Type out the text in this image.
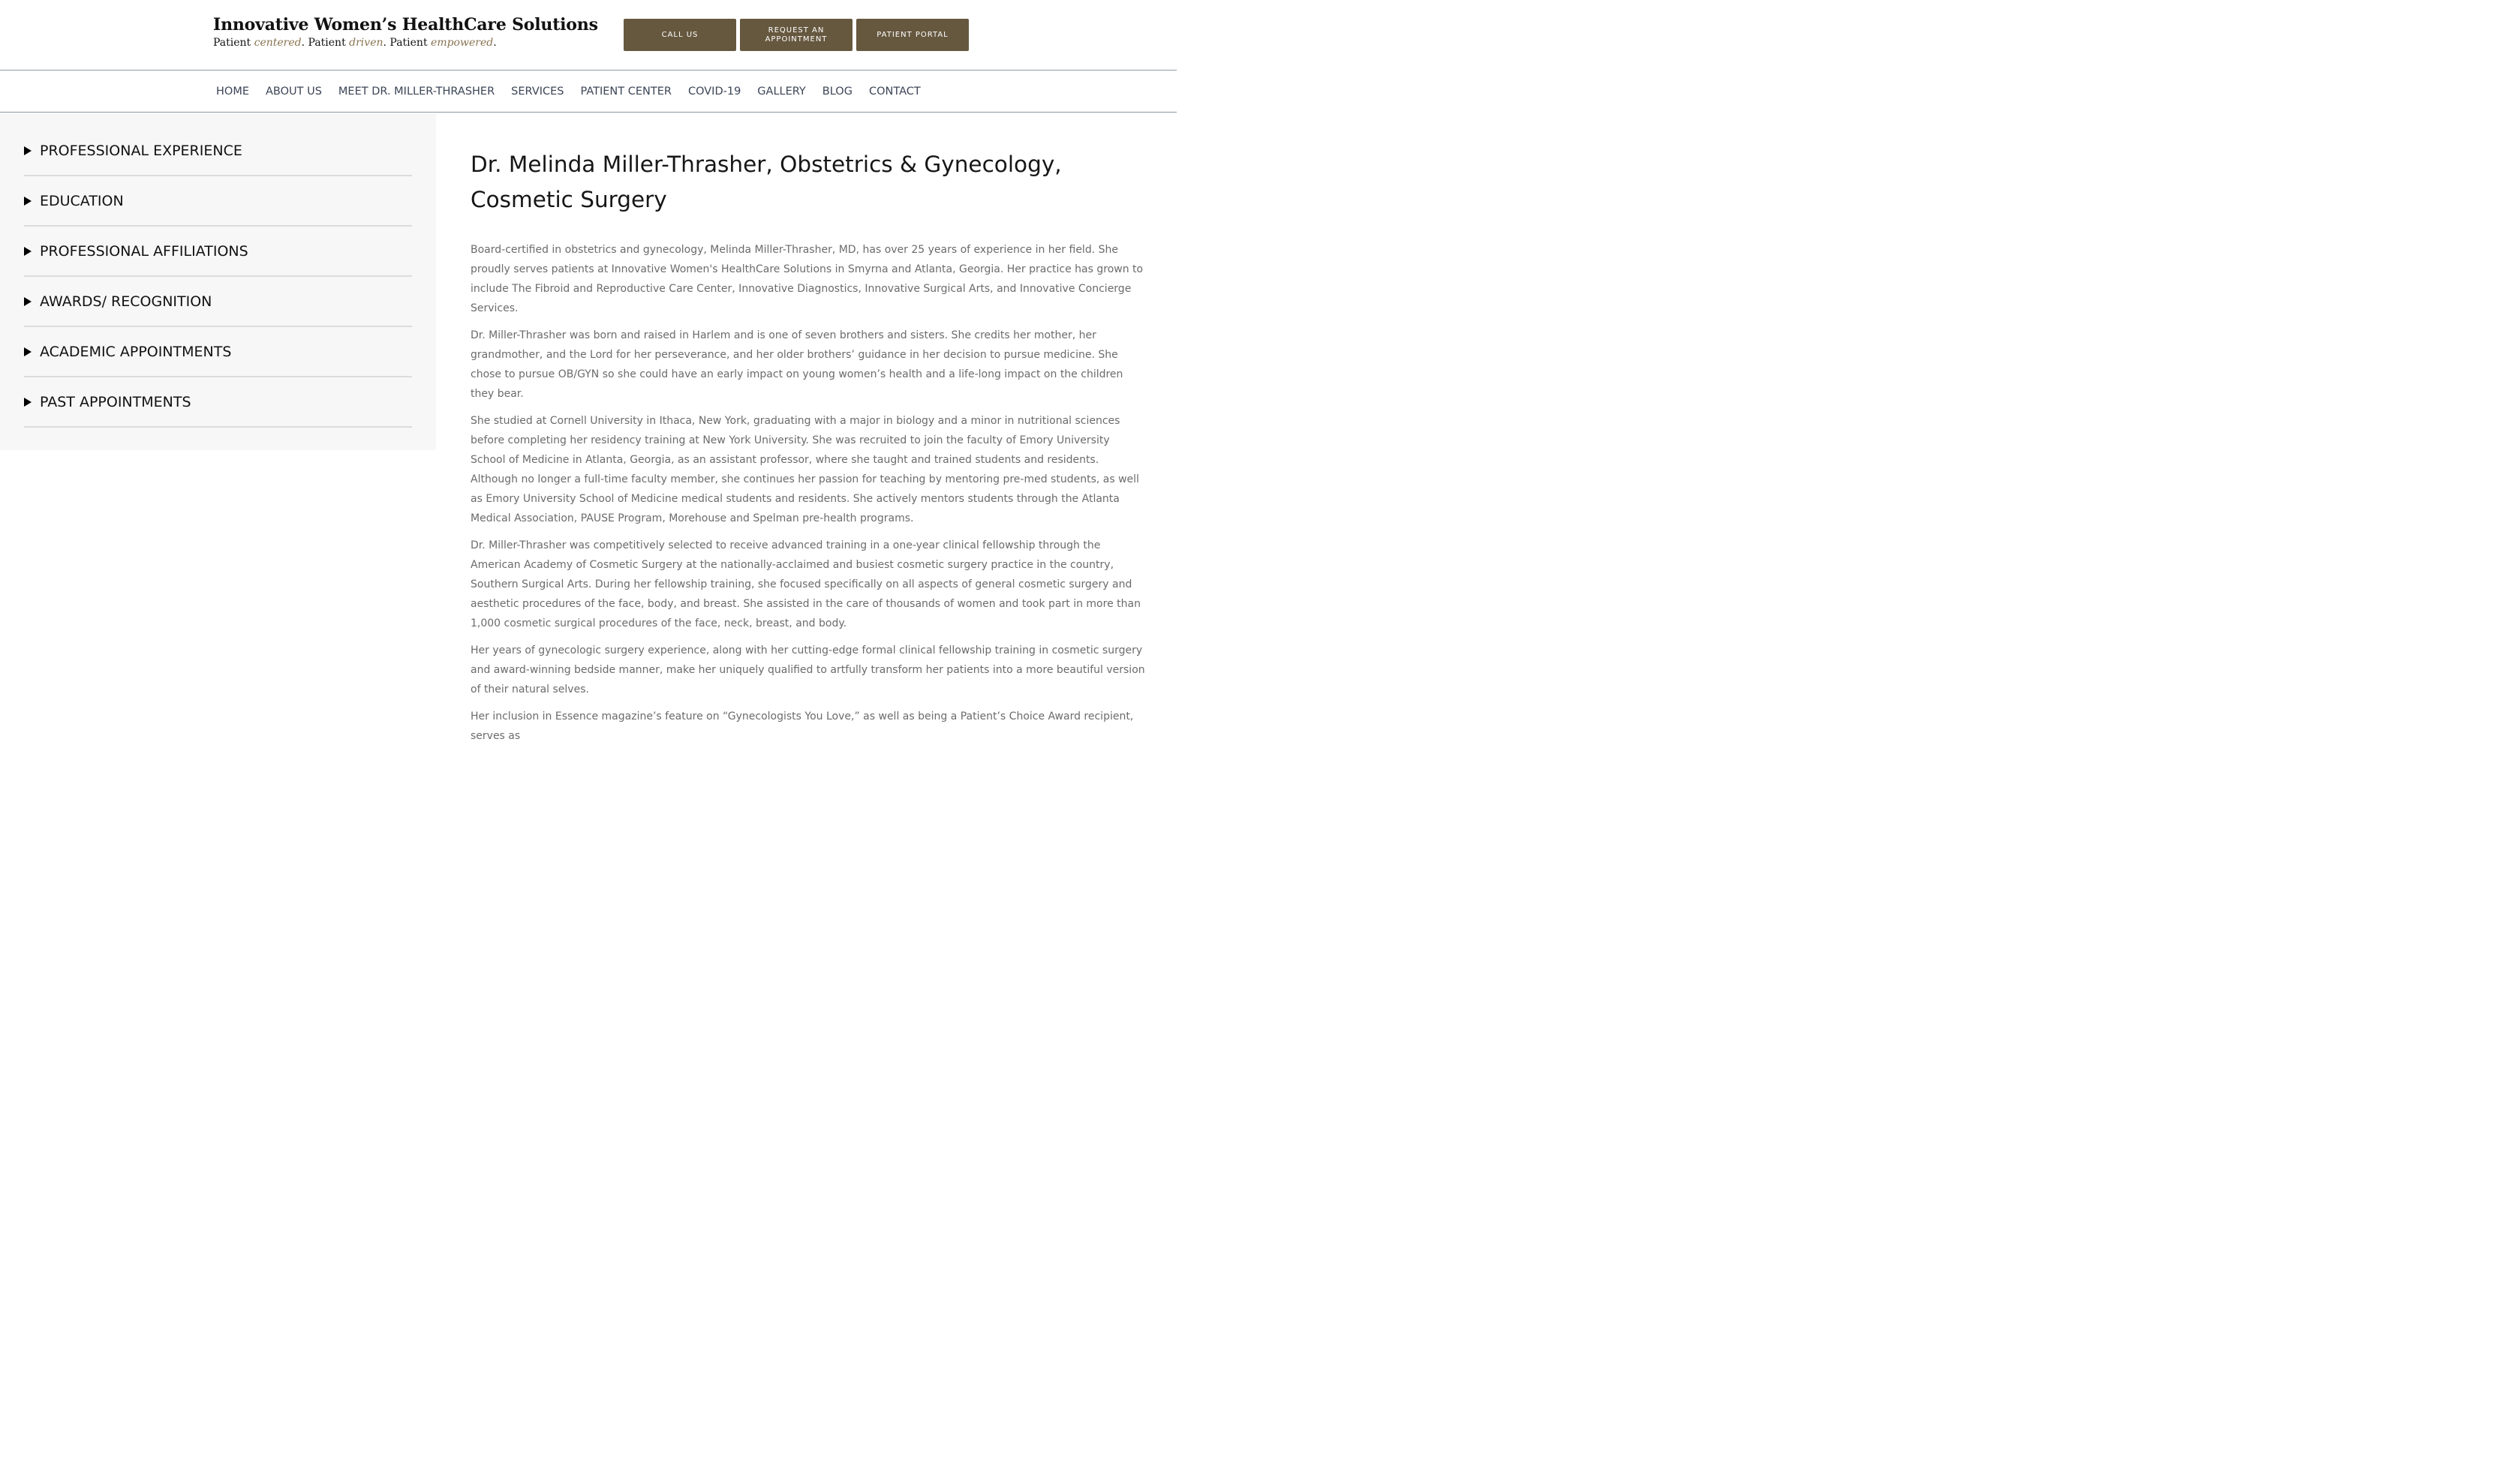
Innovative Women’s HealthCare Solutions
Patient centered. Patient driven. Patient empowered.
CALL US
REQUEST AN APPOINTMENT
PATIENT PORTAL
HOME ABOUT US MEET DR. MILLER-THRASHER SERVICES PATIENT CENTER COVID-19 GALLERY BLOG CONTACT
PROFESSIONAL EXPERIENCE
EDUCATION
PROFESSIONAL AFFILIATIONS
AWARDS/ RECOGNITION
ACADEMIC APPOINTMENTS
PAST APPOINTMENTS
Dr. Melinda Miller-Thrasher, Obstetrics & Gynecology, Cosmetic Surgery

Board-certified in obstetrics and gynecology, Melinda Miller-Thrasher, MD, has over 25 years of experience in her field. She proudly serves patients at Innovative Women's HealthCare Solutions in Smyrna and Atlanta, Georgia. Her practice has grown to include The Fibroid and Reproductive Care Center, Innovative Diagnostics, Innovative Surgical Arts, and Innovative Concierge Services.

Dr. Miller-Thrasher was born and raised in Harlem and is one of seven brothers and sisters. She credits her mother, her grandmother, and the Lord for her perseverance, and her older brothers’ guidance in her decision to pursue medicine. She chose to pursue OB/GYN so she could have an early impact on young women’s health and a life-long impact on the children they bear.

She studied at Cornell University in Ithaca, New York, graduating with a major in biology and a minor in nutritional sciences before completing her residency training at New York University. She was recruited to join the faculty of Emory University School of Medicine in Atlanta, Georgia, as an assistant professor, where she taught and trained students and residents. Although no longer a full-time faculty member, she continues her passion for teaching by mentoring pre-med students, as well as Emory University School of Medicine medical students and residents. She actively mentors students through the Atlanta Medical Association, PAUSE Program, Morehouse and Spelman pre-health programs.

Dr. Miller-Thrasher was competitively selected to receive advanced training in a one-year clinical fellowship through the American Academy of Cosmetic Surgery at the nationally-acclaimed and busiest cosmetic surgery practice in the country, Southern Surgical Arts. During her fellowship training, she focused specifically on all aspects of general cosmetic surgery and aesthetic procedures of the face, body, and breast. She assisted in the care of thousands of women and took part in more than 1,000 cosmetic surgical procedures of the face, neck, breast, and body.

Her years of gynecologic surgery experience, along with her cutting-edge formal clinical fellowship training in cosmetic surgery and award-winning bedside manner, make her uniquely qualified to artfully transform her patients into a more beautiful version of their natural selves.

Her inclusion in Essence magazine’s feature on “Gynecologists You Love,” as well as being a Patient’s Choice Award recipient, serves as
